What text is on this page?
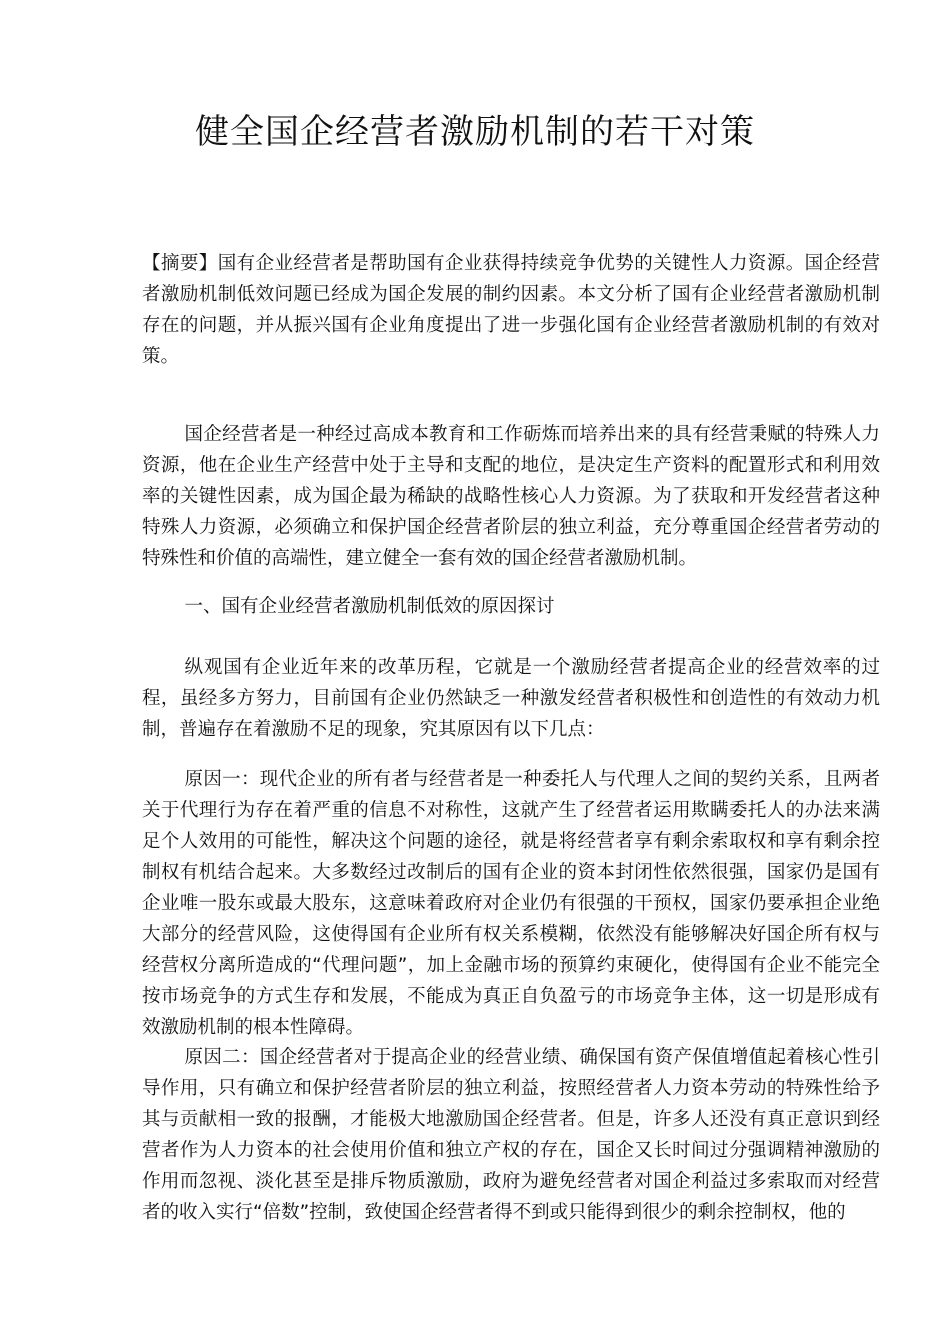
健全国企经营者激励机制的若干对策

【摘要】国有企业经营者是帮助国有企业获得持续竞争优势的关键性人力资源。国企经营者激励机制低效问题已经成为国企发展的制约因素。本文分析了国有企业经营者激励机制存在的问题，并从振兴国有企业角度提出了进一步强化国有企业经营者激励机制的有效对策。

国企经营者是一种经过高成本教育和工作砺炼而培养出来的具有经营秉赋的特殊人力资源，他在企业生产经营中处于主导和支配的地位，是决定生产资料的配置形式和利用效率的关键性因素，成为国企最为稀缺的战略性核心人力资源。为了获取和开发经营者这种特殊人力资源，必须确立和保护国企经营者阶层的独立利益，充分尊重国企经营者劳动的特殊性和价值的高端性，建立健全一套有效的国企经营者激励机制。

一、国有企业经营者激励机制低效的原因探讨

纵观国有企业近年来的改革历程，它就是一个激励经营者提高企业的经营效率的过程，虽经多方努力，目前国有企业仍然缺乏一种激发经营者积极性和创造性的有效动力机制，普遍存在着激励不足的现象，究其原因有以下几点：

原因一：现代企业的所有者与经营者是一种委托人与代理人之间的契约关系，且两者关于代理行为存在着严重的信息不对称性，这就产生了经营者运用欺瞒委托人的办法来满足个人效用的可能性，解决这个问题的途径，就是将经营者享有剩余索取权和享有剩余控制权有机结合起来。大多数经过改制后的国有企业的资本封闭性依然很强，国家仍是国有企业唯一股东或最大股东，这意味着政府对企业仍有很强的干预权，国家仍要承担企业绝大部分的经营风险，这使得国有企业所有权关系模糊，依然没有能够解决好国企所有权与经营权分离所造成的“代理问题”，加上金融市场的预算约束硬化，使得国有企业不能完全按市场竞争的方式生存和发展，不能成为真正自负盈亏的市场竞争主体，这一切是形成有效激励机制的根本性障碍。

原因二：国企经营者对于提高企业的经营业绩、确保国有资产保值增值起着核心性引导作用，只有确立和保护经营者阶层的独立利益，按照经营者人力资本劳动的特殊性给予其与贡献相一致的报酬，才能极大地激励国企经营者。但是，许多人还没有真正意识到经营者作为人力资本的社会使用价值和独立产权的存在，国企又长时间过分强调精神激励的作用而忽视、淡化甚至是排斥物质激励，政府为避免经营者对国企利益过多索取而对经营者的收入实行“倍数”控制，致使国企经营者得不到或只能得到很少的剩余控制权，他的
